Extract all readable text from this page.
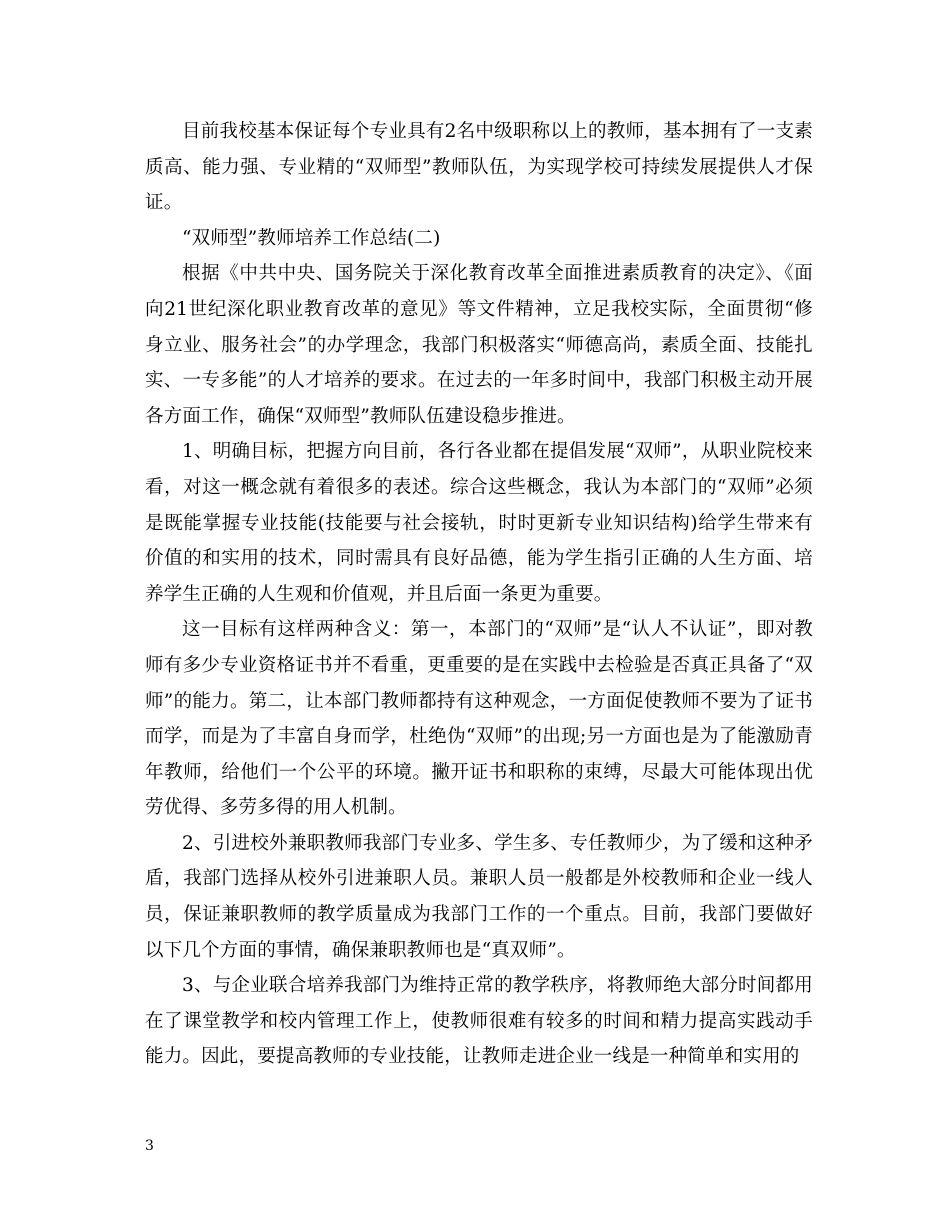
目前我校基本保证每个专业具有2名中级职称以上的教师，基本拥有了一支素质高、能力强、专业精的“双师型”教师队伍，为实现学校可持续发展提供人才保证。

“双师型”教师培养工作总结(二)

根据《中共中央、国务院关于深化教育改革全面推进素质教育的决定》、《面向21世纪深化职业教育改革的意见》等文件精神，立足我校实际，全面贯彻“修身立业、服务社会”的办学理念，我部门积极落实“师德高尚，素质全面、技能扎实、一专多能”的人才培养的要求。在过去的一年多时间中，我部门积极主动开展各方面工作，确保“双师型”教师队伍建设稳步推进。

1、明确目标，把握方向目前，各行各业都在提倡发展“双师”，从职业院校来看，对这一概念就有着很多的表述。综合这些概念，我认为本部门的“双师”必须是既能掌握专业技能(技能要与社会接轨，时时更新专业知识结构)给学生带来有价值的和实用的技术，同时需具有良好品德，能为学生指引正确的人生方面、培养学生正确的人生观和价值观，并且后面一条更为重要。

这一目标有这样两种含义：第一，本部门的“双师”是“认人不认证”，即对教师有多少专业资格证书并不看重，更重要的是在实践中去检验是否真正具备了“双师”的能力。第二，让本部门教师都持有这种观念，一方面促使教师不要为了证书而学，而是为了丰富自身而学，杜绝伪“双师”的出现;另一方面也是为了能激励青年教师，给他们一个公平的环境。撇开证书和职称的束缚，尽最大可能体现出优劳优得、多劳多得的用人机制。

2、引进校外兼职教师我部门专业多、学生多、专任教师少，为了缓和这种矛盾，我部门选择从校外引进兼职人员。兼职人员一般都是外校教师和企业一线人员，保证兼职教师的教学质量成为我部门工作的一个重点。目前，我部门要做好以下几个方面的事情，确保兼职教师也是“真双师”。

3、与企业联合培养我部门为维持正常的教学秩序，将教师绝大部分时间都用在了课堂教学和校内管理工作上，使教师很难有较多的时间和精力提高实践动手能力。因此，要提高教师的专业技能，让教师走进企业一线是一种简单和实用的

3
